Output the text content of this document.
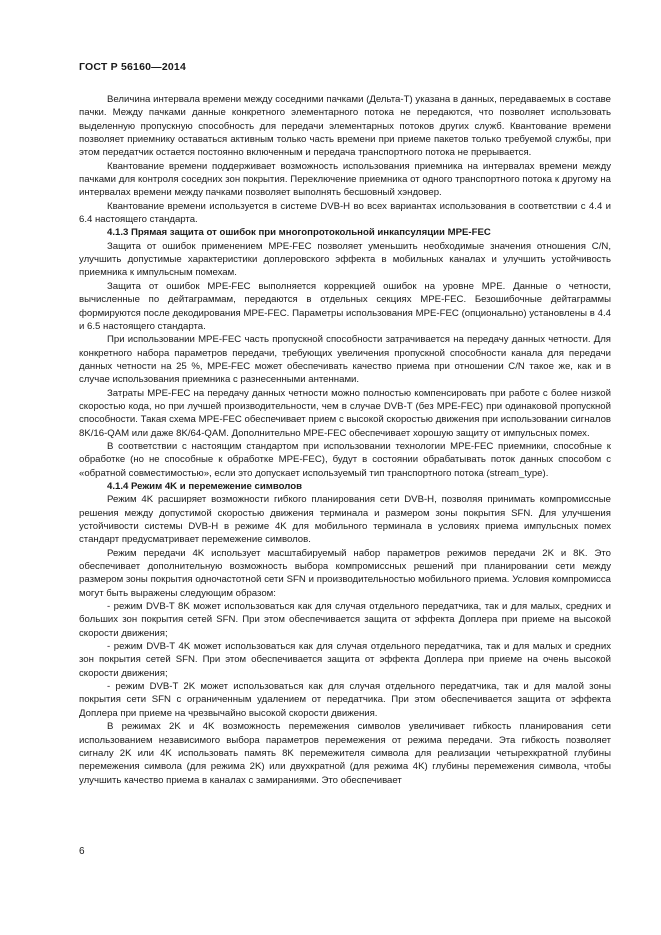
ГОСТ Р 56160—2014

Величина интервала времени между соседними пачками (Дельта-Т) указана в данных, передаваемых в составе пачки. Между пачками данные конкретного элементарного потока не передаются, что позволяет использовать выделенную пропускную способность для передачи элементарных потоков других служб. Квантование времени позволяет приемнику оставаться активным только часть времени при приеме пакетов только требуемой службы, при этом передатчик остается постоянно включенным и передача транспортного потока не прерывается.

Квантование времени поддерживает возможность использования приемника на интервалах времени между пачками для контроля соседних зон покрытия. Переключение приемника от одного транспортного потока к другому на интервалах времени между пачками позволяет выполнять бесшовный хэндовер.

Квантование времени используется в системе DVB-H во всех вариантах использования в соответствии с 4.4 и 6.4 настоящего стандарта.

4.1.3 Прямая защита от ошибок при многопротокольной инкапсуляции MPE-FEC

Защита от ошибок применением MPE-FEC позволяет уменьшить необходимые значения отношения C/N, улучшить допустимые характеристики доплеровского эффекта в мобильных каналах и улучшить устойчивость приемника к импульсным помехам.

Защита от ошибок MPE-FEC выполняется коррекцией ошибок на уровне MPE. Данные о четности, вычисленные по дейтаграммам, передаются в отдельных секциях MPE-FEC. Безошибочные дейтаграммы формируются после декодирования MPE-FEC. Параметры использования MPE-FEC (опционально) установлены в 4.4 и 6.5 настоящего стандарта.

При использовании MPE-FEC часть пропускной способности затрачивается на передачу данных четности. Для конкретного набора параметров передачи, требующих увеличения пропускной способности канала для передачи данных четности на 25 %, MPE-FEC может обеспечивать качество приема при отношении C/N такое же, как и в случае использования приемника с разнесенными антеннами.

Затраты MPE-FEC на передачу данных четности можно полностью компенсировать при работе с более низкой скоростью кода, но при лучшей производительности, чем в случае DVB-T (без MPE-FEC) при одинаковой пропускной способности. Такая схема MPE-FEC обеспечивает прием с высокой скоростью движения при использовании сигналов 8K/16-QAM или даже 8K/64-QAM. Дополнительно MPE-FEC обеспечивает хорошую защиту от импульсных помех.

В соответствии с настоящим стандартом при использовании технологии MPE-FEC приемники, способные к обработке (но не способные к обработке MPE-FEC), будут в состоянии обрабатывать поток данных способом с «обратной совместимостью», если это допускает используемый тип транспортного потока (stream_type).

4.1.4 Режим 4K и перемежение символов

Режим 4K расширяет возможности гибкого планирования сети DVB-H, позволяя принимать компромиссные решения между допустимой скоростью движения терминала и размером зоны покрытия SFN. Для улучшения устойчивости системы DVB-H в режиме 4K для мобильного терминала в условиях приема импульсных помех стандарт предусматривает перемежение символов.

Режим передачи 4K использует масштабируемый набор параметров режимов передачи 2K и 8K. Это обеспечивает дополнительную возможность выбора компромиссных решений при планировании сети между размером зоны покрытия одночастотной сети SFN и производительностью мобильного приема. Условия компромисса могут быть выражены следующим образом:

- режим DVB-T 8K может использоваться как для случая отдельного передатчика, так и для малых, средних и больших зон покрытия сетей SFN. При этом обеспечивается защита от эффекта Доплера при приеме на высокой скорости движения;

- режим DVB-T 4K может использоваться как для случая отдельного передатчика, так и для малых и средних зон покрытия сетей SFN. При этом обеспечивается защита от эффекта Доплера при приеме на очень высокой скорости движения;

- режим DVB-T 2K может использоваться как для случая отдельного передатчика, так и для малой зоны покрытия сети SFN с ограниченным удалением от передатчика. При этом обеспечивается защита от эффекта Доплера при приеме на чрезвычайно высокой скорости движения.

В режимах 2K и 4K возможность перемежения символов увеличивает гибкость планирования сети использованием независимого выбора параметров перемежения от режима передачи. Эта гибкость позволяет сигналу 2K или 4K использовать память 8K перемежителя символа для реализации четырехкратной глубины перемежения символа (для режима 2K) или двухкратной (для режима 4K) глубины перемежения символа, чтобы улучшить качество приема в каналах с замираниями. Это обеспечивает

6
